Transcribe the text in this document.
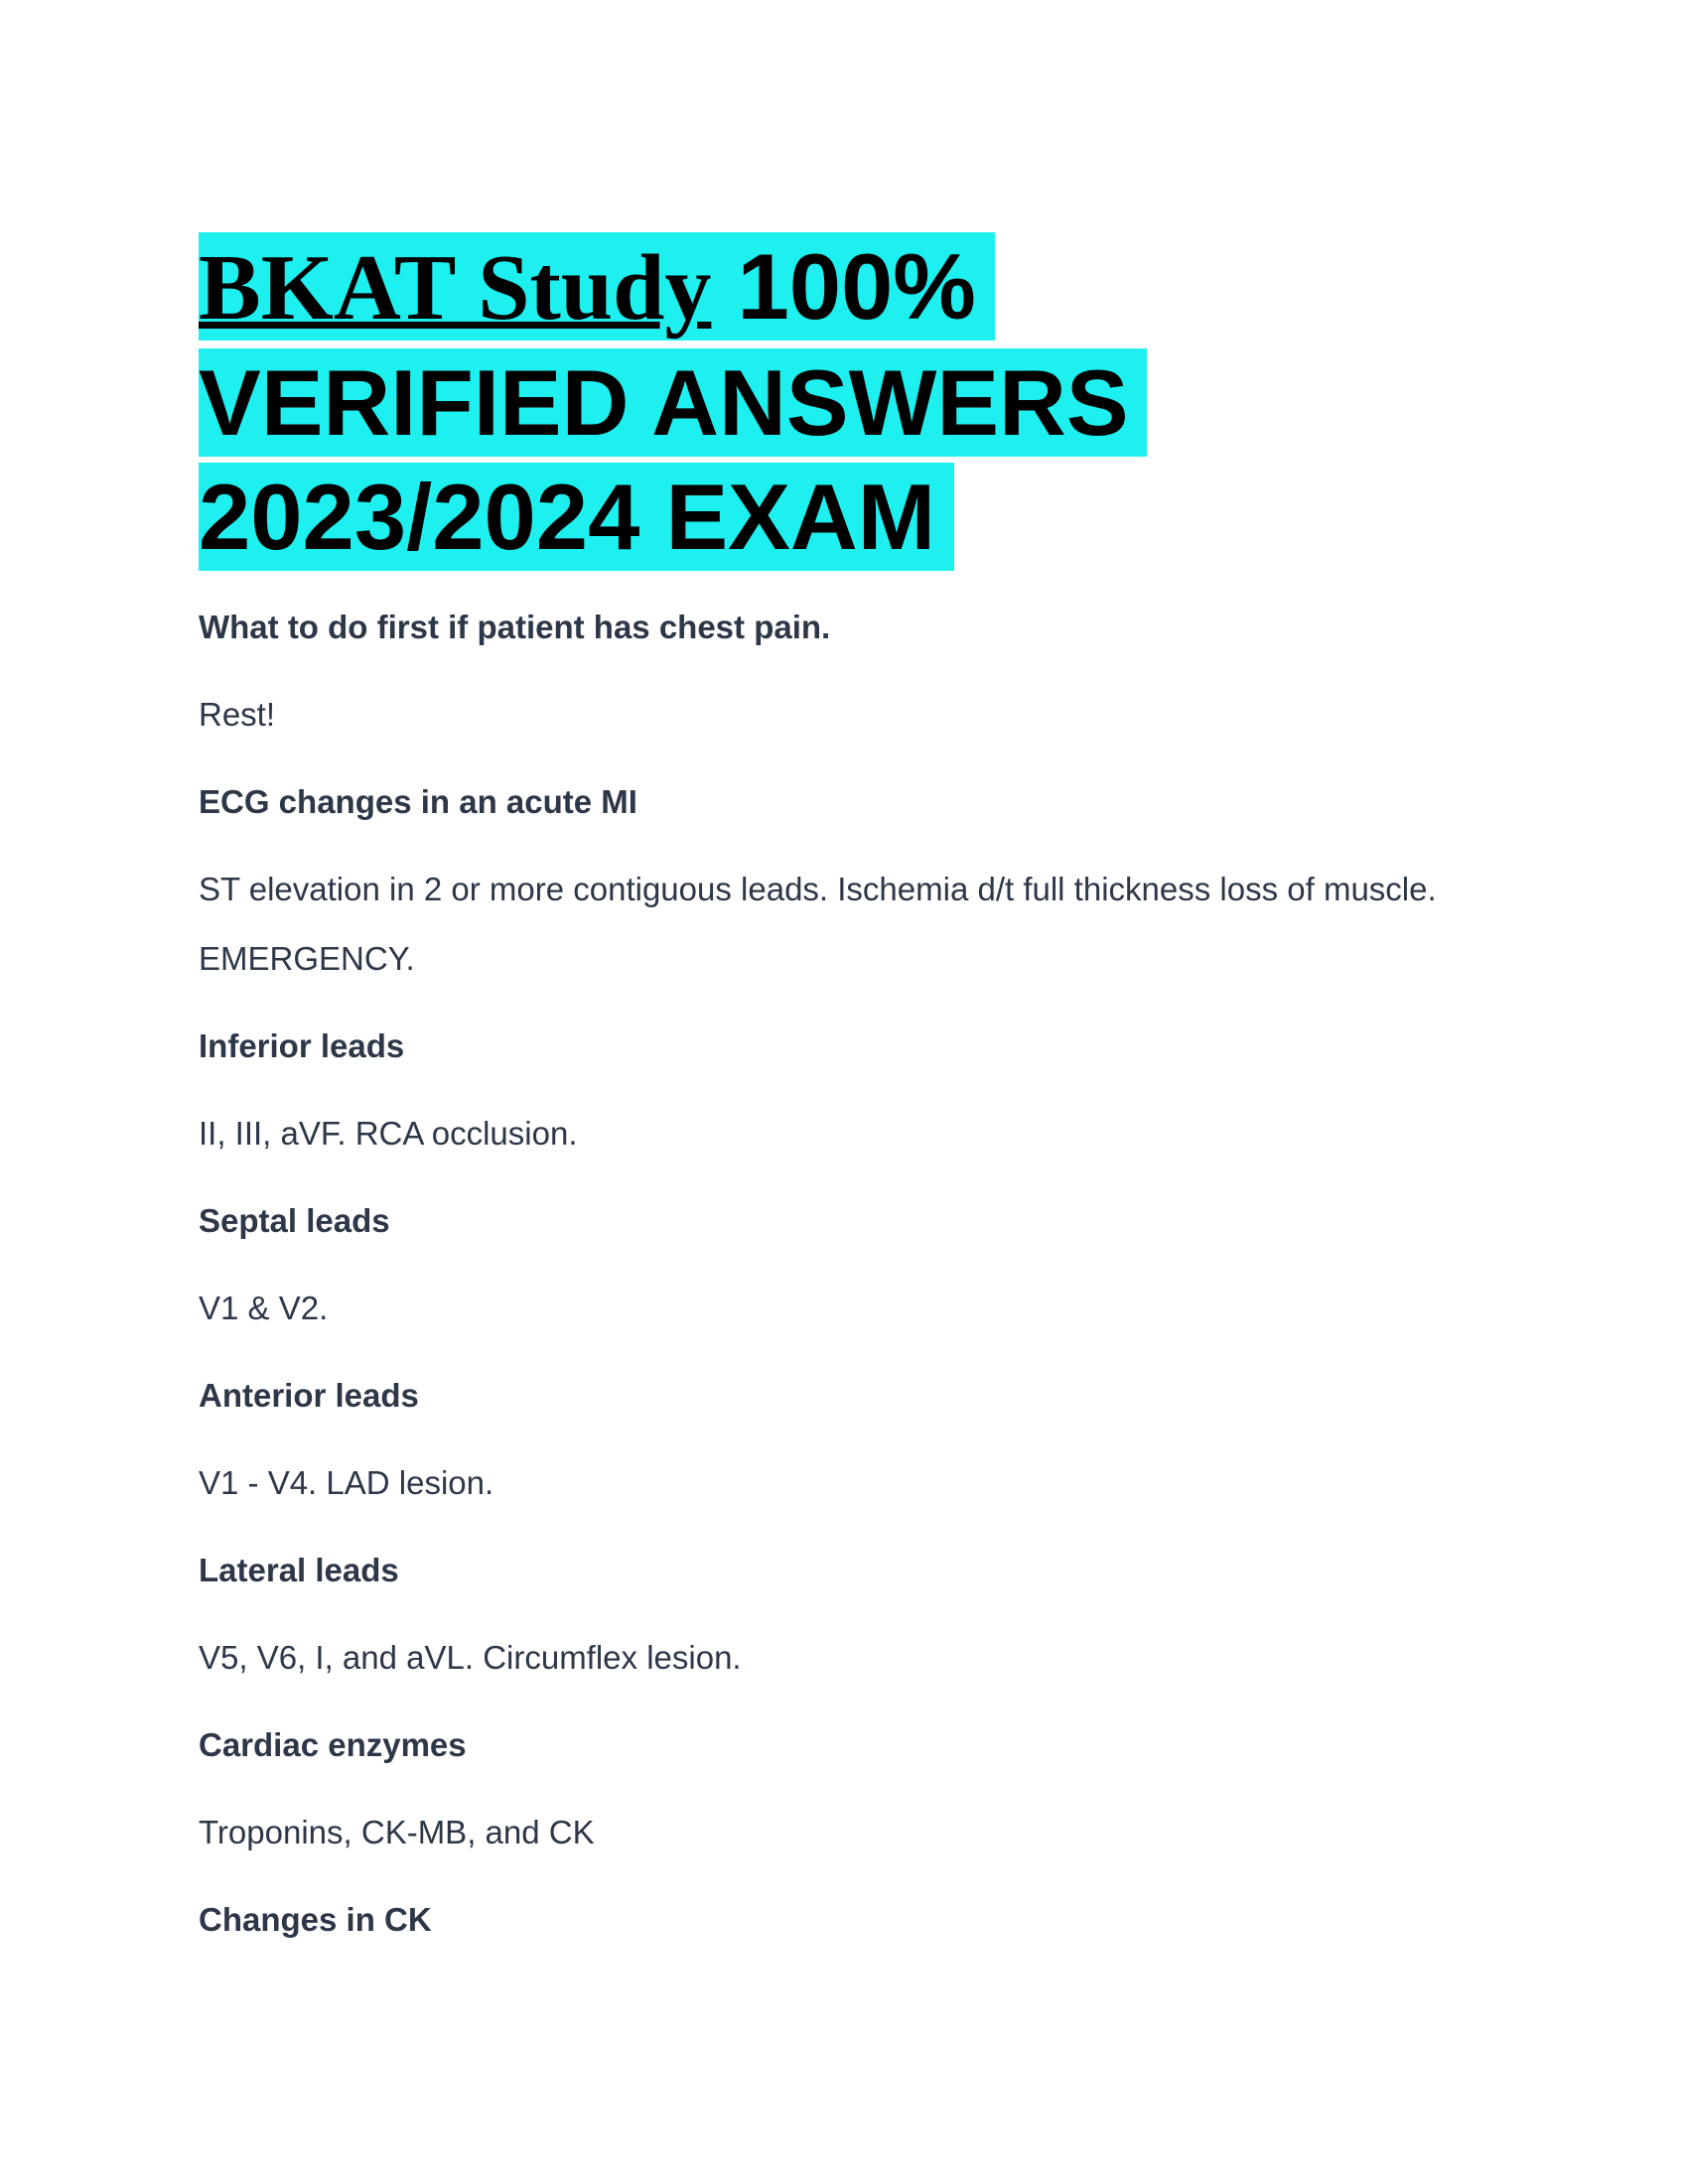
BKAT Study 100%
VERIFIED ANSWERS
2023/2024 EXAM

What to do first if patient has chest pain.

Rest!

ECG changes in an acute MI

ST elevation in 2 or more contiguous leads. Ischemia d/t full thickness loss of muscle.
EMERGENCY.

Inferior leads

II, III, aVF. RCA occlusion.

Septal leads

V1 & V2.

Anterior leads

V1 - V4. LAD lesion.

Lateral leads

V5, V6, I, and aVL. Circumflex lesion.

Cardiac enzymes

Troponins, CK-MB, and CK

Changes in CK
